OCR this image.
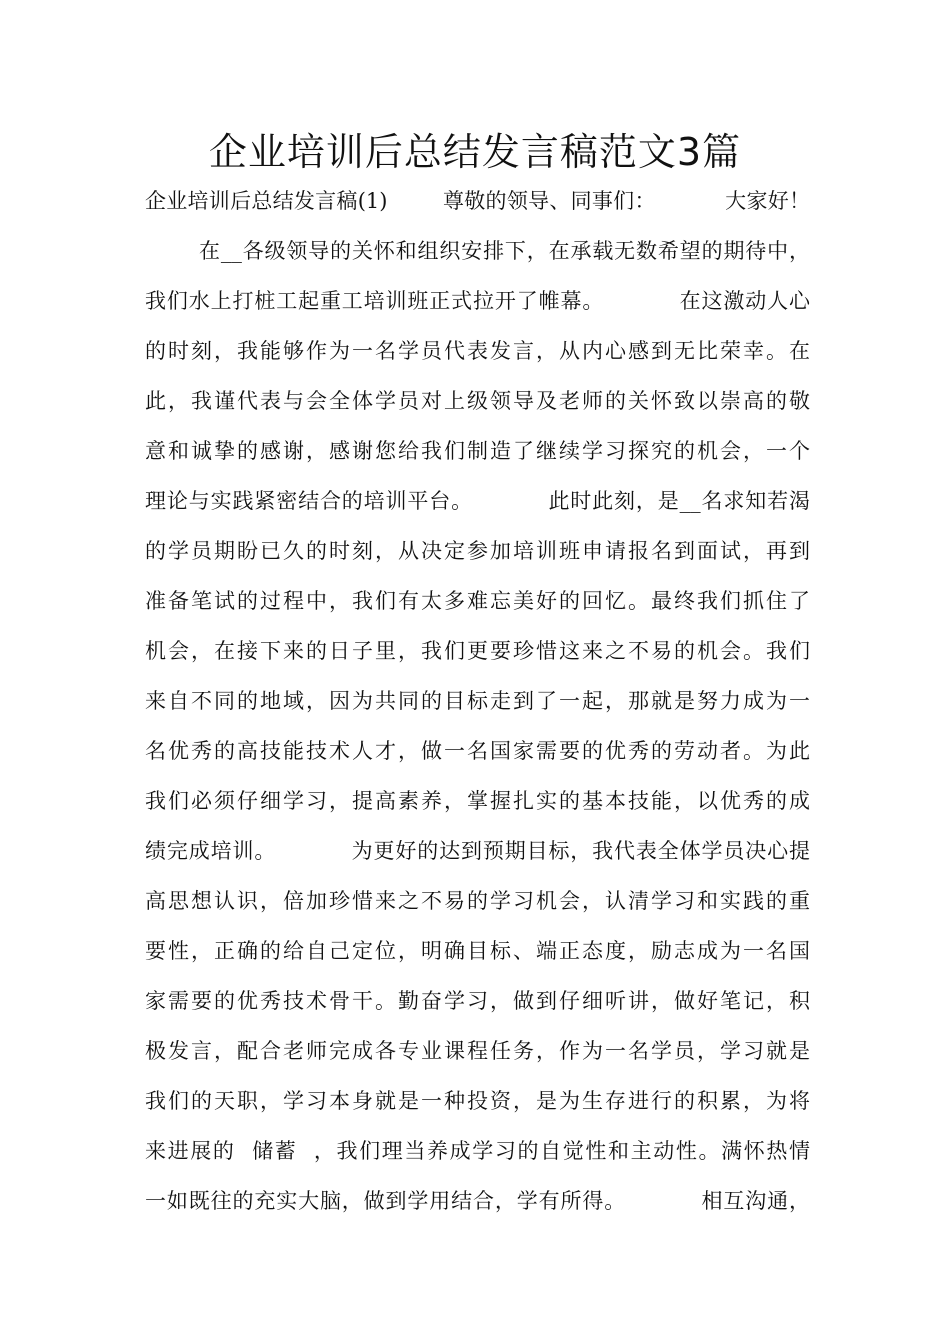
企业培训后总结发言稿范文3篇

企业培训后总结发言稿(1)        尊敬的领导、同事们：          大家好！

在__各级领导的关怀和组织安排下，在承载无数希望的期待中，

我们水上打桩工起重工培训班正式拉开了帷幕。          在这激动人心

的时刻，我能够作为一名学员代表发言，从内心感到无比荣幸。在

此，我谨代表与会全体学员对上级领导及老师的关怀致以崇高的敬

意和诚挚的感谢，感谢您给我们制造了继续学习探究的机会，一个

理论与实践紧密结合的培训平台。          此时此刻，是__名求知若渴

的学员期盼已久的时刻，从决定参加培训班申请报名到面试，再到

准备笔试的过程中，我们有太多难忘美好的回忆。最终我们抓住了

机会，在接下来的日子里，我们更要珍惜这来之不易的机会。我们

来自不同的地域，因为共同的目标走到了一起，那就是努力成为一

名优秀的高技能技术人才，做一名国家需要的优秀的劳动者。为此

我们必须仔细学习，提高素养，掌握扎实的基本技能，以优秀的成

绩完成培训。          为更好的达到预期目标，我代表全体学员决心提

高思想认识，倍加珍惜来之不易的学习机会，认清学习和实践的重

要性，正确的给自己定位，明确目标、端正态度，励志成为一名国

家需要的优秀技术骨干。勤奋学习，做到仔细听讲，做好笔记，积

极发言，配合老师完成各专业课程任务，作为一名学员，学习就是

我们的天职，学习本身就是一种投资，是为生存进行的积累，为将

来进展的  储蓄  ，我们理当养成学习的自觉性和主动性。满怀热情

一如既往的充实大脑，做到学用结合，学有所得。          相互沟通，
